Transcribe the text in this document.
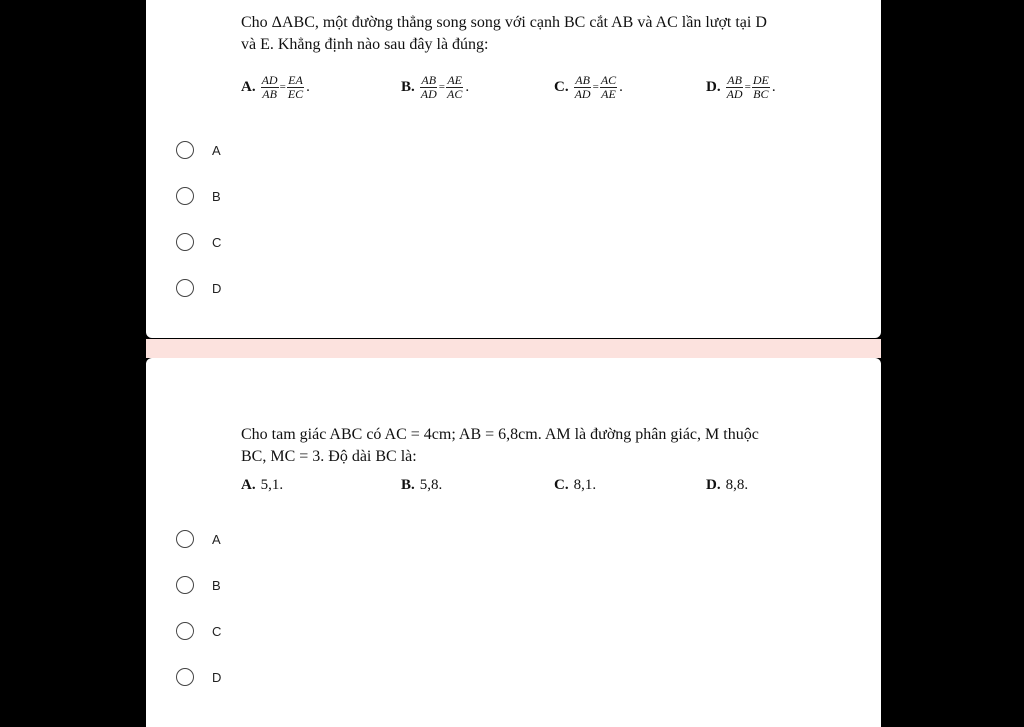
Cho ΔABC, một đường thẳng song song với cạnh BC cắt AB và AC lần lượt tại D
và E. Khẳng định nào sau đây là đúng:
A. $\frac{AD}{AB} = \frac{EA}{EC}$ .	B. $\frac{AB}{AD} = \frac{AE}{AC}$ .	C. $\frac{AB}{AD} = \frac{AC}{AE}$ .	D. $\frac{AB}{AD} = \frac{DE}{BC}$ .
A
B
C
D
Cho tam giác ABC có AC = 4cm; AB = 6,8cm. AM là đường phân giác, M thuộc
BC, MC = 3. Độ dài BC là:
A. 5,1.	B. 5,8.	C. 8,1.	D. 8,8.
A
B
C
D
